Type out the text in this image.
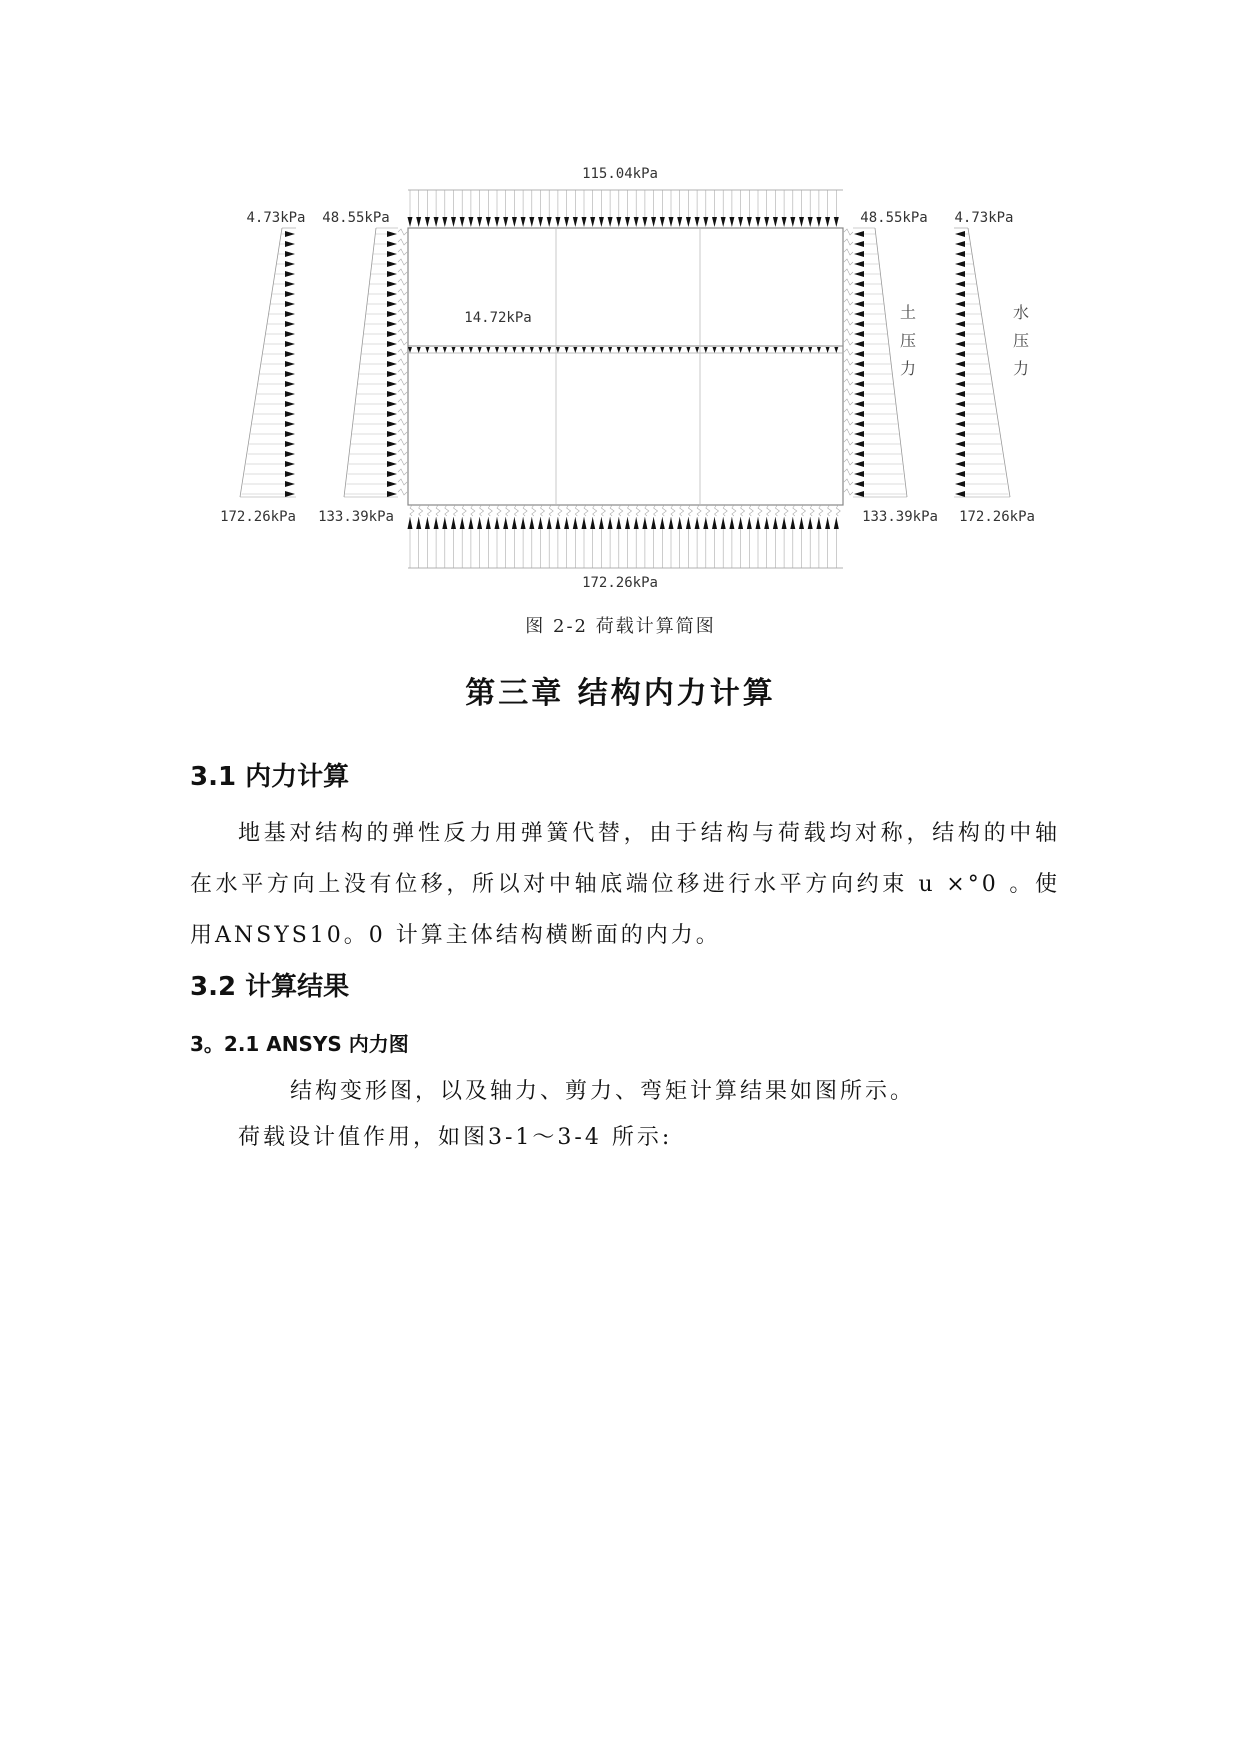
115.04kPa
14.72kPa
172.26kPa
4.73kPa
172.26kPa
48.55kPa
133.39kPa
48.55kPa
133.39kPa
4.73kPa
172.26kPa
土
压
力
水
压
力
图 2-2 荷载计算简图
第三章 结构内力计算
3.1 内力计算

地基对结构的弹性反力用弹簧代替，由于结构与荷载均对称，结构的中轴在水平方向上没有位移，所以对中轴底端位移进行水平方向约束 u ×°0 。使用ANSYS10。0 计算主体结构横断面的内力。

3.2 计算结果
3。2.1 ANSYS 内力图
结构变形图，以及轴力、剪力、弯矩计算结果如图所示。
荷载设计值作用，如图3-1～3-4 所示:
